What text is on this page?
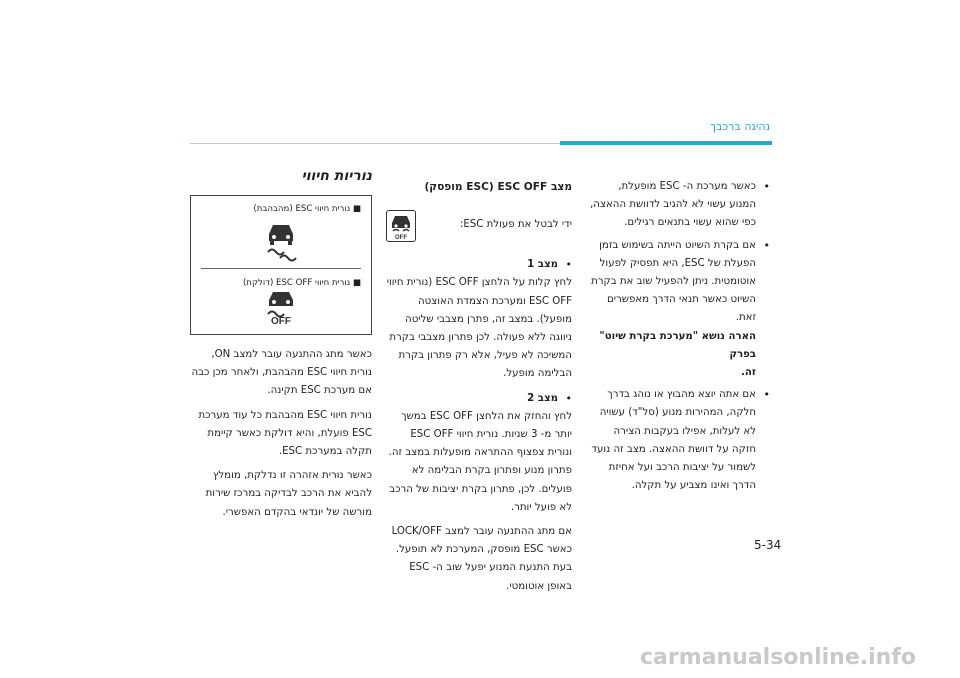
נהיגה ברכבך
•

כאשר מערכת ה- ESC מופעלת, המנוע עשוי לא להגיב לדוושת ההאצה, כפי שהוא עשוי בתנאים רגילים.

•

אם בקרת השיוט הייתה בשימוש בזמן הפעלת של ESC, היא תפסיק לפעול אוטומטית. ניתן להפעיל שוב את בקרת השיוט כאשר תנאי הדרך מאפשרים זאת.

הארה נושא "מערכת בקרת שיוט" בפרק

זה.

•

אם אתה יוצא מהבוץ או נוהג בדרך חלקה, המהירות מנוע (סל"ד) עשויה לא לעלות, אפילו בעקבות הצירה חזקה על דוושת ההאצה. מצב זה נועד לשמור על יציבות הרכב ועל אחיזת הדרך ואינו מצביע על תקלה.

מצב ESC OFF (ESC מופסק)

OFF

ידי לבטל את פעולת ESC:

•
מצב 1

לחץ קלות על הלחצן ESC OFF (נורית חיווי ESC OFF ומערכת הצמדת האוצטה מופעל). במצב זה, פתרן מצבבי שליטה ניווגה ללא פעולה. לכן פתרון מצבבי בקרת המשיכה לא פעיל, אלא רק פתרון בקרת הבלימה מופעל.

•
מצב 2

לחץ והחזק את הלחצן ESC OFF במשך יותר מ- 3 שניות. נורית חיווי ESC OFF ונורית צפצוף ההתראה מופעלות במצב זה. פתרון מנוע ופתרון בקרת הבלימה לא פועלים. לכן, פתרון בקרת יציבות של הרכב לא פועל יותר.

אם מתג ההתנעה עובר למצב LOCK/OFF כאשר ESC מופסק, המערכת לא תופעל. בעת התנעת המנוע יפעל שוב ה- ESC באופן אוטומטי.

נוריות חיווי
■ נורית חיווי ESC (מהבהבת)
■ נורית חיווי ESC OFF (דולקת)
OFF

כאשר מתג ההתנעה עובר למצב ON, נורית חיווי ESC מהבהבת, ולאחר מכן כבה אם מערכת ESC תקינה.

נורית חיווי ESC מהבהבת כל עוד מערכת ESC פועלת, והיא דולקת כאשר קיימת תקלה במערכת ESC.

כאשר נורית אזהרה זו נדלקת, מומלץ להביא את הרכב לבדיקה במרכז שירות מורשה של יונדאי בהקדם האפשרי.

5-34
carmanualsonline.info
